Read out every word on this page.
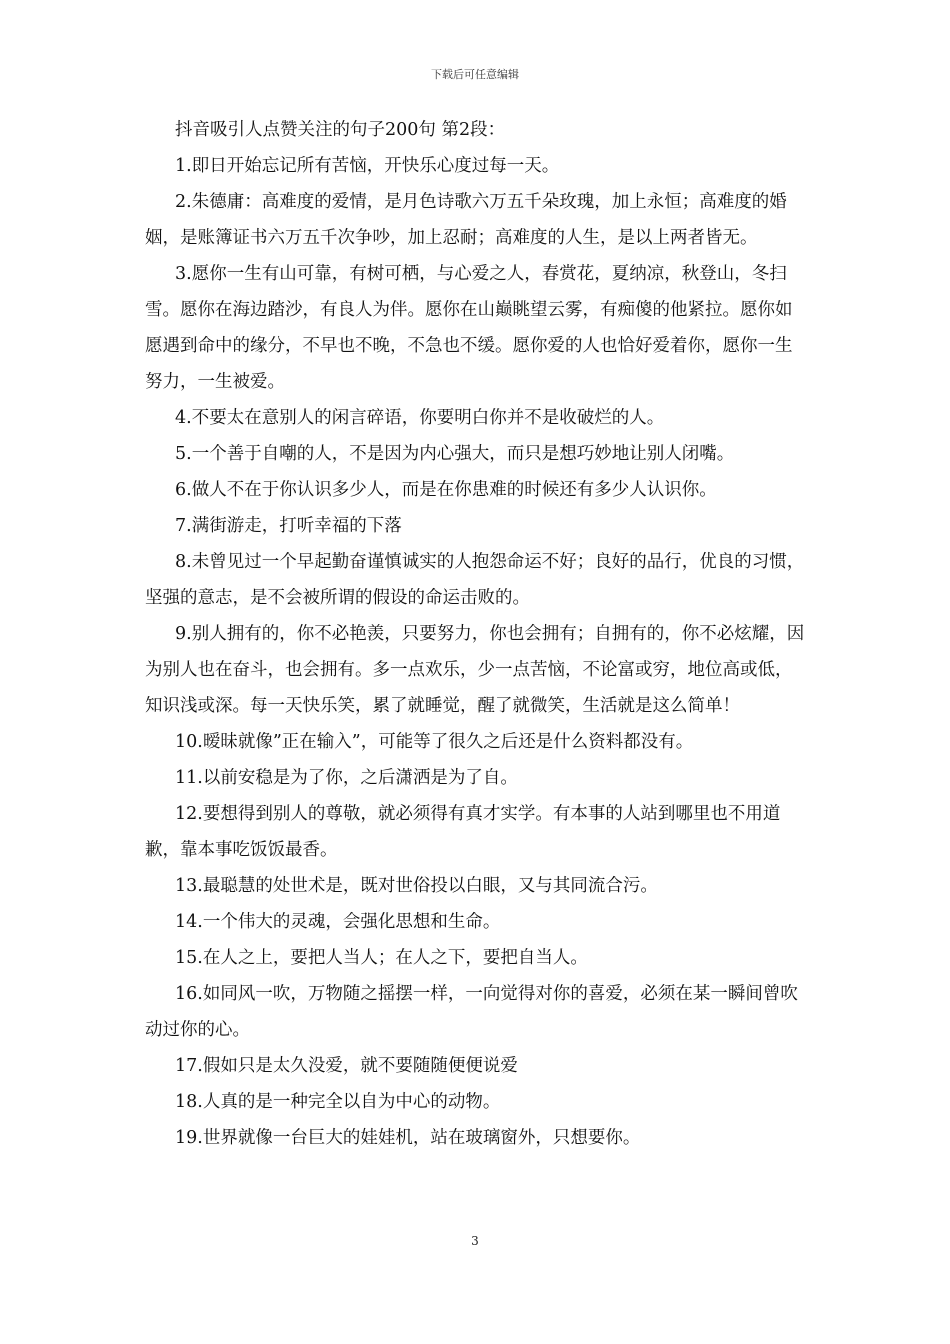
下载后可任意编辑

抖音吸引人点赞关注的句子200句 第2段：

1.即日开始忘记所有苦恼，开快乐心度过每一天。

2.朱德庸：高难度的爱情，是月色诗歌六万五千朵玫瑰，加上永恒；高难度的婚姻，是账簿证书六万五千次争吵，加上忍耐；高难度的人生，是以上两者皆无。

3.愿你一生有山可靠，有树可栖，与心爱之人，春赏花，夏纳凉，秋登山，冬扫雪。愿你在海边踏沙，有良人为伴。愿你在山巅眺望云雾，有痴傻的他紧拉。愿你如愿遇到命中的缘分，不早也不晚，不急也不缓。愿你爱的人也恰好爱着你，愿你一生努力，一生被爱。

4.不要太在意别人的闲言碎语，你要明白你并不是收破烂的人。

5.一个善于自嘲的人，不是因为内心强大，而只是想巧妙地让别人闭嘴。

6.做人不在于你认识多少人，而是在你患难的时候还有多少人认识你。

7.满街游走，打听幸福的下落

8.未曾见过一个早起勤奋谨慎诚实的人抱怨命运不好；良好的品行，优良的习惯，坚强的意志，是不会被所谓的假设的命运击败的。

9.别人拥有的，你不必艳羡，只要努力，你也会拥有；自拥有的，你不必炫耀，因为别人也在奋斗，也会拥有。多一点欢乐，少一点苦恼，不论富或穷，地位高或低，知识浅或深。每一天快乐笑，累了就睡觉，醒了就微笑，生活就是这么简单！

10.暧昧就像”正在输入”，可能等了很久之后还是什么资料都没有。

11.以前安稳是为了你，之后潇洒是为了自。

12.要想得到别人的尊敬，就必须得有真才实学。有本事的人站到哪里也不用道歉，靠本事吃饭饭最香。

13.最聪慧的处世术是，既对世俗投以白眼，又与其同流合污。

14.一个伟大的灵魂，会强化思想和生命。

15.在人之上，要把人当人；在人之下，要把自当人。

16.如同风一吹，万物随之摇摆一样，一向觉得对你的喜爱，必须在某一瞬间曾吹动过你的心。

17.假如只是太久没爱，就不要随随便便说爱

18.人真的是一种完全以自为中心的动物。

19.世界就像一台巨大的娃娃机，站在玻璃窗外，只想要你。

3
